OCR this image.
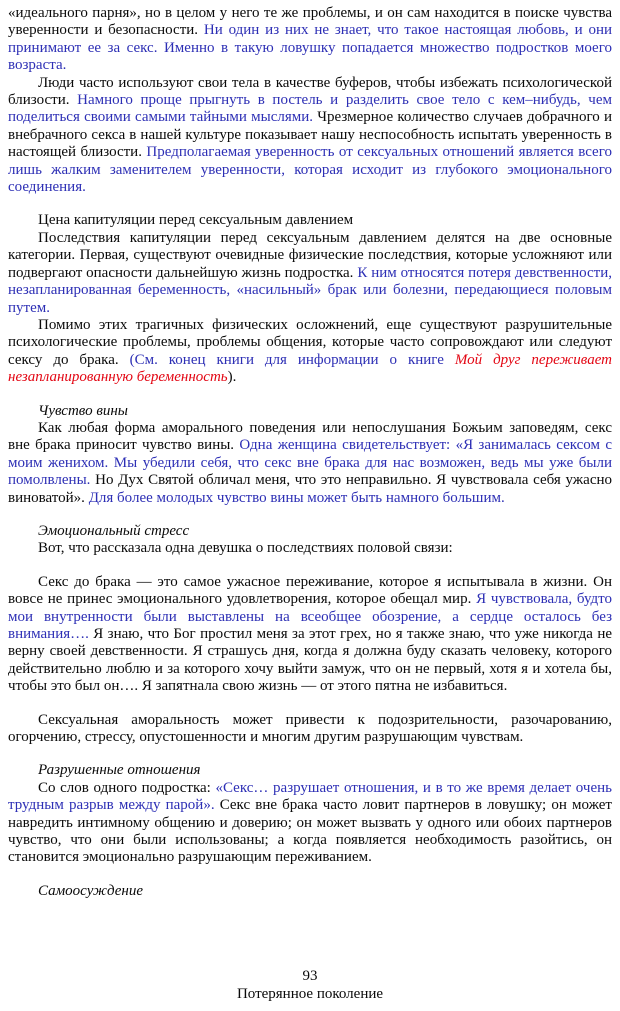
«идеального парня», но в целом у него те же проблемы, и он сам находится в поиске чувства уверенности и безопасности. Ни один из них не знает, что такое настоящая любовь, и они принимают ее за секс. Именно в такую ловушку попадается множество подростков моего возраста.

Люди часто используют свои тела в качестве буферов, чтобы избежать психологической близости. Намного проще прыгнуть в постель и разделить свое тело с кем–нибудь, чем поделиться своими самыми тайными мыслями. Чрезмерное количество случаев добрачного и внебрачного секса в нашей культуре показывает нашу неспособность испытать уверенность в настоящей близости. Предполагаемая уверенность от сексуальных отношений является всего лишь жалким заменителем уверенности, которая исходит из глубокого эмоционального соединения.

Цена капитуляции перед сексуальным давлением

Последствия капитуляции перед сексуальным давлением делятся на две основные категории. Первая, существуют очевидные физические последствия, которые усложняют или подвергают опасности дальнейшую жизнь подростка. К ним относятся потеря девственности, незапланированная беременность, «насильный» брак или болезни, передающиеся половым путем.

Помимо этих трагичных физических осложнений, еще существуют разрушительные психологические проблемы, проблемы общения, которые часто сопровождают или следуют сексу до брака. (См. конец книги для информации о книге Мой друг переживает незапланированную беременность).

Чувство вины

Как любая форма аморального поведения или непослушания Божьим заповедям, секс вне брака приносит чувство вины. Одна женщина свидетельствует: «Я занималась сексом с моим женихом. Мы убедили себя, что секс вне брака для нас возможен, ведь мы уже были помолвлены. Но Дух Святой обличал меня, что это неправильно. Я чувствовала себя ужасно виноватой». Для более молодых чувство вины может быть намного большим.

Эмоциональный стресс

Вот, что рассказала одна девушка о последствиях половой связи:

Секс до брака — это самое ужасное переживание, которое я испытывала в жизни. Он вовсе не принес эмоционального удовлетворения, которое обещал мир. Я чувствовала, будто мои внутренности были выставлены на всеобщее обозрение, а сердце осталось без внимания…. Я знаю, что Бог простил меня за этот грех, но я также знаю, что уже никогда не верну своей девственности. Я страшусь дня, когда я должна буду сказать человеку, которого действительно люблю и за которого хочу выйти замуж, что он не первый, хотя я и хотела бы, чтобы это был он…. Я запятнала свою жизнь — от этого пятна не избавиться.

Сексуальная аморальность может привести к подозрительности, разочарованию, огорчению, стрессу, опустошенности и многим другим разрушающим чувствам.

Разрушенные отношения

Со слов одного подростка: «Секс… разрушает отношения, и в то же время делает очень трудным разрыв между парой». Секс вне брака часто ловит партнеров в ловушку; он может навредить интимному общению и доверию; он может вызвать у одного или обоих партнеров чувство, что они были использованы; а когда появляется необходимость разойтись, он становится эмоционально разрушающим переживанием.

Самоосуждение

93
Потерянное поколение
